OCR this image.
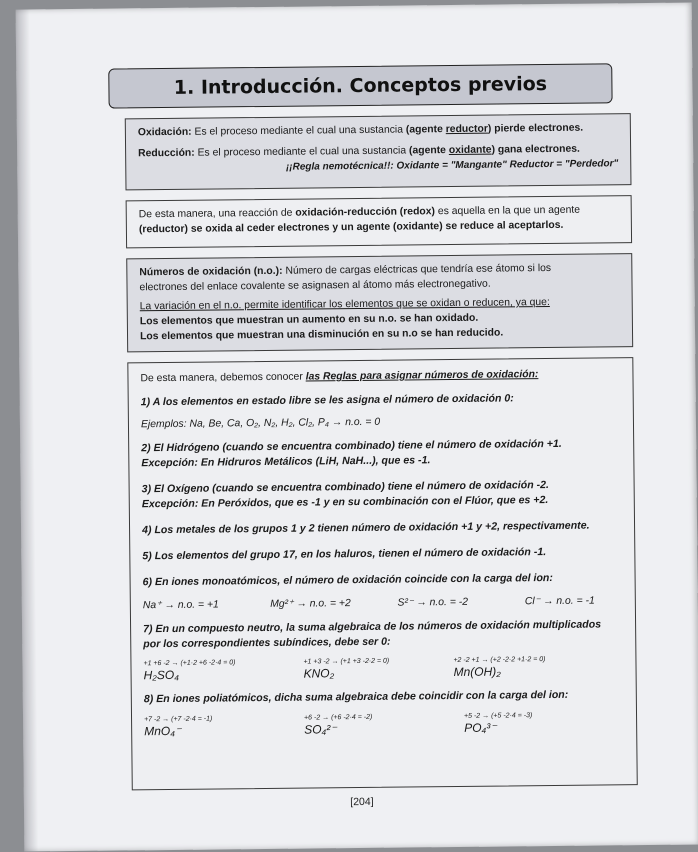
1. Introducción. Conceptos previos
Oxidación: Es el proceso mediante el cual una sustancia (agente reductor) pierde electrones.
Reducción: Es el proceso mediante el cual una sustancia (agente oxidante) gana electrones.
¡¡Regla nemotécnica!!: Oxidante = "Mangante" Reductor = "Perdedor"
De esta manera, una reacción de oxidación-reducción (redox) es aquella en la que un agente
(reductor) se oxida al ceder electrones y un agente (oxidante) se reduce al aceptarlos.
Números de oxidación (n.o.): Número de cargas eléctricas que tendría ese átomo si los
electrones del enlace covalente se asignasen al átomo más electronegativo.
La variación en el n.o. permite identificar los elementos que se oxidan o reducen, ya que:
Los elementos que muestran un aumento en su n.o. se han oxidado.
Los elementos que muestran una disminución en su n.o se han reducido.
De esta manera, debemos conocer las Reglas para asignar números de oxidación:
1) A los elementos en estado libre se les asigna el número de oxidación 0:
Ejemplos: Na, Be, Ca, O₂, N₂, H₂, Cl₂, P₄ → n.o. = 0
2) El Hidrógeno (cuando se encuentra combinado) tiene el número de oxidación +1.
Excepción: En Hidruros Metálicos (LiH, NaH...), que es -1.
3) El Oxígeno (cuando se encuentra combinado) tiene el número de oxidación -2.
Excepción: En Peróxidos, que es -1 y en su combinación con el Flúor, que es +2.
4) Los metales de los grupos 1 y 2 tienen número de oxidación +1 y +2, respectivamente.
5) Los elementos del grupo 17, en los haluros, tienen el número de oxidación -1.
6) En iones monoatómicos, el número de oxidación coincide con la carga del ion:
Na⁺ → n.o. = +1	Mg²⁺ → n.o. = +2	S²⁻ → n.o. = -2	Cl⁻ → n.o. = -1
7) En un compuesto neutro, la suma algebraica de los números de oxidación multiplicados
por los correspondientes subíndices, debe ser 0:
+1 +6 -2 → (+1·2 +6 -2·4 = 0)	+1 +3 -2 → (+1 +3 -2·2 = 0)	+2 -2 +1 → (+2 -2·2 +1·2 = 0)
H₂SO₄	KNO₂	Mn(OH)₂
8) En iones poliatómicos, dicha suma algebraica debe coincidir con la carga del ion:
+7 -2 → (+7 -2·4 = -1)	+6 -2 → (+6 -2·4 = -2)	+5 -2 → (+5 -2·4 = -3)
MnO₄⁻	SO₄²⁻	PO₄³⁻
[204]
